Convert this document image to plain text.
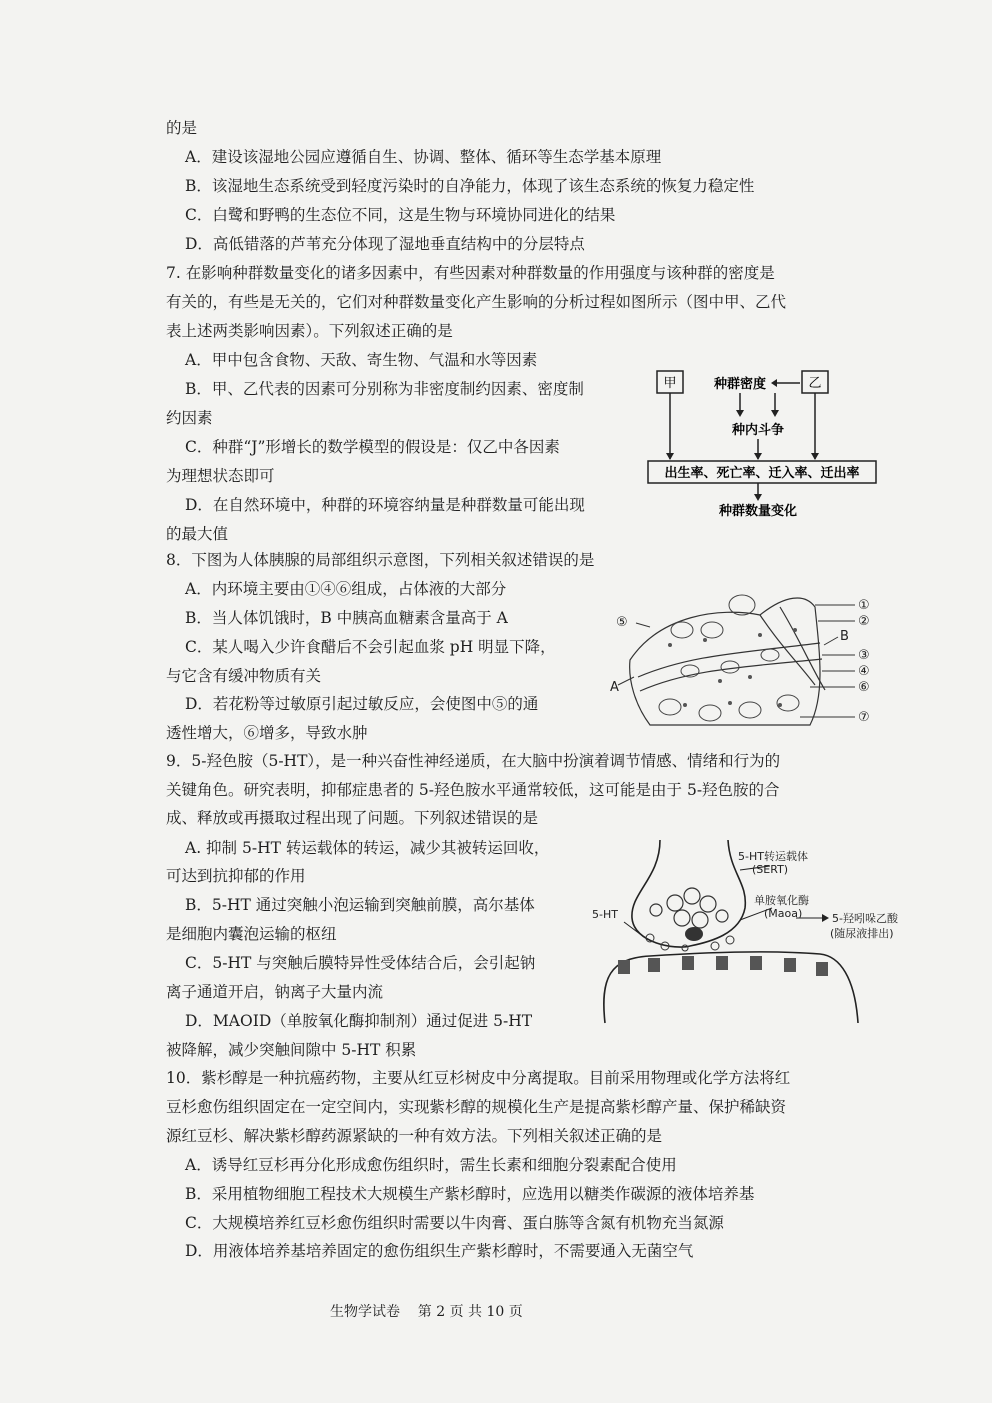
的是
A．建设该湿地公园应遵循自生、协调、整体、循环等生态学基本原理
B．该湿地生态系统受到轻度污染时的自净能力，体现了该生态系统的恢复力稳定性
C．白鹭和野鸭的生态位不同，这是生物与环境协同进化的结果
D．高低错落的芦苇充分体现了湿地垂直结构中的分层特点
7. 在影响种群数量变化的诸多因素中，有些因素对种群数量的作用强度与该种群的密度是
有关的，有些是无关的，它们对种群数量变化产生影响的分析过程如图所示（图中甲、乙代
表上述两类影响因素）。下列叙述正确的是
A．甲中包含食物、天敌、寄生物、气温和水等因素
B．甲、乙代表的因素可分别称为非密度制约因素、密度制
约因素
C．种群“J”形增长的数学模型的假设是：仅乙中各因素
为理想状态即可
D．在自然环境中，种群的环境容纳量是种群数量可能出现
的最大值
甲	乙
种群密度
种内斗争
出生率、死亡率、迁入率、迁出率
种群数量变化
8．下图为人体胰腺的局部组织示意图，下列相关叙述错误的是
A．内环境主要由①④⑥组成，占体液的大部分
B．当人体饥饿时，B 中胰高血糖素含量高于 A
C．某人喝入少许食醋后不会引起血浆 pH 明显下降，
与它含有缓冲物质有关
D．若花粉等过敏原引起过敏反应，会使图中⑤的通
透性增大，⑥增多，导致水肿
①
②
③
④
⑥
⑦
⑤
A
B
9．5-羟色胺（5-HT），是一种兴奋性神经递质，在大脑中扮演着调节情感、情绪和行为的
关键角色。研究表明，抑郁症患者的 5-羟色胺水平通常较低，这可能是由于 5-羟色胺的合
成、释放或再摄取过程出现了问题。下列叙述错误的是
A. 抑制 5-HT 转运载体的转运，减少其被转运回收，
可达到抗抑郁的作用
B．5-HT 通过突触小泡运输到突触前膜，高尔基体
是细胞内囊泡运输的枢纽
C．5-HT 与突触后膜特异性受体结合后，会引起钠
离子通道开启，钠离子大量内流
D．MAOID（单胺氧化酶抑制剂）通过促进 5-HT
被降解，减少突触间隙中 5-HT 积累
5-HT转运载体
(SERT)
单胺氧化酶
(Maoa)	5-羟吲哚乙酸
(随尿液排出)
5-HT
10．紫杉醇是一种抗癌药物，主要从红豆杉树皮中分离提取。目前采用物理或化学方法将红
豆杉愈伤组织固定在一定空间内，实现紫杉醇的规模化生产是提高紫杉醇产量、保护稀缺资
源红豆杉、解决紫杉醇药源紧缺的一种有效方法。下列相关叙述正确的是
A．诱导红豆杉再分化形成愈伤组织时，需生长素和细胞分裂素配合使用
B．采用植物细胞工程技术大规模生产紫杉醇时，应选用以糖类作碳源的液体培养基
C．大规模培养红豆杉愈伤组织时需要以牛肉膏、蛋白胨等含氮有机物充当氮源
D．用液体培养基培养固定的愈伤组织生产紫杉醇时，不需要通入无菌空气
生物学试卷    第 2 页 共 10 页
